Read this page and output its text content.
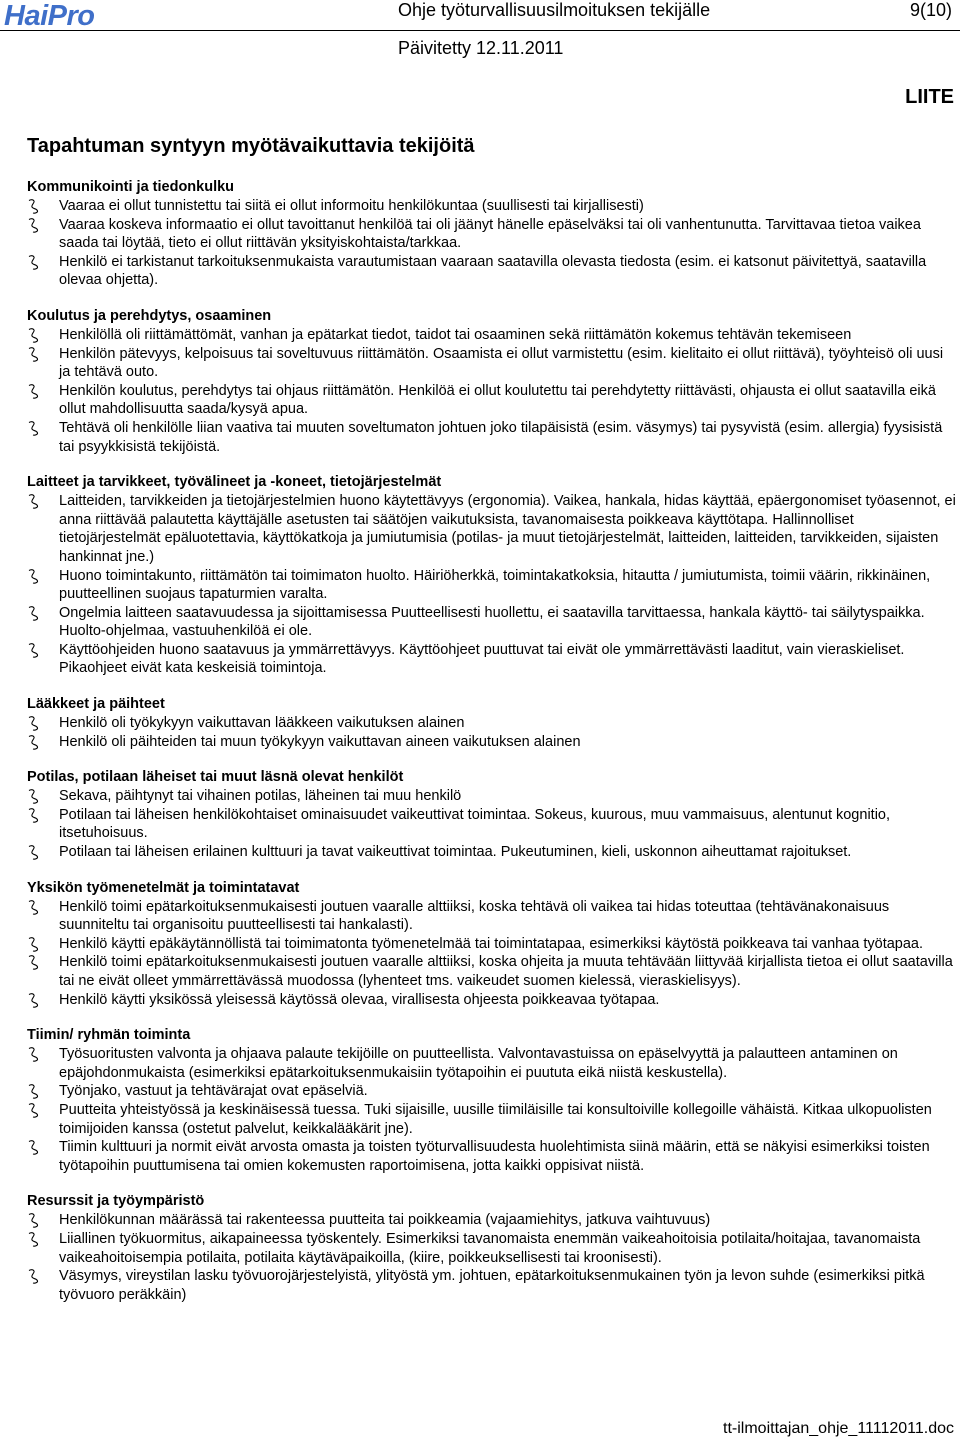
HaiPro	Ohje työturvallisuusilmoituksen tekijälle	9(10)
Päivitetty 12.11.2011
LIITE
Tapahtuman syntyyn myötävaikuttavia tekijöitä
Kommunikointi ja tiedonkulku
Vaaraa ei ollut tunnistettu tai siitä ei ollut informoitu henkilökuntaa (suullisesti tai kirjallisesti)
Vaaraa koskeva informaatio ei ollut tavoittanut henkilöä tai oli jäänyt hänelle epäselväksi tai oli vanhentunutta. Tarvittavaa tietoa vaikea saada tai löytää, tieto ei ollut riittävän yksityiskohtaista/tarkkaa.
Henkilö ei tarkistanut tarkoituksenmukaista varautumistaan vaaraan saatavilla olevasta tiedosta (esim. ei katsonut päivitettyä, saatavilla olevaa ohjetta).
Koulutus ja perehdytys, osaaminen
Henkilöllä oli riittämättömät, vanhan ja epätarkat tiedot, taidot tai osaaminen sekä riittämätön kokemus tehtävän tekemiseen
Henkilön pätevyys, kelpoisuus tai soveltuvuus riittämätön. Osaamista ei ollut varmistettu (esim. kielitaito ei ollut riittävä), työyhteisö oli uusi ja tehtävä outo.
Henkilön koulutus, perehdytys tai ohjaus riittämätön. Henkilöä ei ollut koulutettu tai perehdytetty riittävästi, ohjausta ei ollut saatavilla eikä ollut mahdollisuutta saada/kysyä apua.
Tehtävä oli henkilölle liian vaativa tai muuten soveltumaton johtuen joko tilapäisistä (esim. väsymys) tai pysyvistä (esim. allergia) fyysisistä tai psyykkisistä tekijöistä.
Laitteet ja tarvikkeet, työvälineet ja -koneet, tietojärjestelmät
Laitteiden, tarvikkeiden ja tietojärjestelmien huono käytettävyys (ergonomia). Vaikea, hankala, hidas käyttää, epäergonomiset työasennot, ei anna riittävää palautetta käyttäjälle asetusten tai säätöjen vaikutuksista, tavanomaisesta poikkeava käyttötapa. Hallinnolliset tietojärjestelmät epäluotettavia, käyttökatkoja ja jumiutumisia (potilas- ja muut tietojärjestelmät, laitteiden, laitteiden, tarvikkeiden, sijaisten hankinnat jne.)
Huono toimintakunto, riittämätön tai toimimaton huolto. Häiriöherkkä, toimintakatkoksia, hitautta / jumiutumista, toimii väärin, rikkinäinen, puutteellinen suojaus tapaturmien varalta.
Ongelmia laitteen saatavuudessa ja sijoittamisessa Puutteellisesti huollettu, ei saatavilla tarvittaessa, hankala käyttö- tai säilytyspaikka. Huolto-ohjelmaa, vastuuhenkilöä ei ole.
Käyttöohjeiden huono saatavuus ja ymmärrettävyys. Käyttöohjeet puuttuvat tai eivät ole ymmärrettävästi laaditut, vain vieraskieliset. Pikaohjeet eivät kata keskeisiä toimintoja.
Lääkkeet ja päihteet
Henkilö oli työkykyyn vaikuttavan lääkkeen vaikutuksen alainen
Henkilö oli päihteiden tai muun työkykyyn vaikuttavan aineen vaikutuksen alainen
Potilas, potilaan läheiset tai muut läsnä olevat henkilöt
Sekava, päihtynyt tai vihainen potilas, läheinen tai muu henkilö
Potilaan tai läheisen henkilökohtaiset ominaisuudet vaikeuttivat toimintaa. Sokeus, kuurous, muu vammaisuus, alentunut kognitio, itsetuhoisuus.
Potilaan tai läheisen erilainen kulttuuri ja tavat vaikeuttivat toimintaa. Pukeutuminen, kieli, uskonnon aiheuttamat rajoitukset.
Yksikön työmenetelmät ja toimintatavat
Henkilö toimi epätarkoituksenmukaisesti joutuen vaaralle alttiiksi, koska tehtävä oli vaikea tai hidas toteuttaa (tehtävänakonaisuus suunniteltu tai organisoitu puutteellisesti tai hankalasti).
Henkilö käytti epäkäytännöllistä tai toimimatonta työmenetelmää tai toimintatapaa, esimerkiksi käytöstä poikkeava tai vanhaa työtapaa.
Henkilö toimi epätarkoituksenmukaisesti joutuen vaaralle alttiiksi, koska ohjeita ja muuta tehtävään liittyvää kirjallista tietoa ei ollut saatavilla tai ne eivät olleet ymmärrettävässä muodossa (lyhenteet tms. vaikeudet suomen kielessä, vieraskielisyys).
Henkilö käytti yksikössä yleisessä käytössä olevaa, virallisesta ohjeesta poikkeavaa työtapaa.
Tiimin/ ryhmän toiminta
Työsuoritusten valvonta ja ohjaava palaute tekijöille on puutteellista. Valvontavastuissa on epäselvyyttä ja palautteen antaminen on epäjohdonmukaista (esimerkiksi epätarkoituksenmukaisiin työtapoihin ei puututa eikä niistä keskustella).
Työnjako, vastuut ja tehtävärajat ovat epäselviä.
Puutteita yhteistyössä ja keskinäisessä tuessa. Tuki sijaisille, uusille tiimiläisille tai konsultoiville kollegoille vähäistä. Kitkaa ulkopuolisten toimijoiden kanssa (ostetut palvelut, keikkalääkärit jne).
Tiimin kulttuuri ja normit eivät arvosta omasta ja toisten työturvallisuudesta huolehtimista siinä määrin, että se näkyisi esimerkiksi toisten työtapoihin puuttumisena tai omien kokemusten raportoimisena, jotta kaikki oppisivat niistä.
Resurssit ja työympäristö
Henkilökunnan määrässä tai rakenteessa puutteita tai poikkeamia (vajaamiehitys, jatkuva vaihtuvuus)
Liiallinen työkuormitus, aikapaineessa työskentely. Esimerkiksi tavanomaista enemmän vaikeahoitoisia potilaita/hoitajaa, tavanomaista vaikeahoitoisempia potilaita, potilaita käytäväpaikoilla, (kiire, poikkeuksellisesti tai kroonisesti).
Väsymys, vireystilan lasku työvuorojärjestelyistä, ylityöstä ym. johtuen, epätarkoituksenmukainen työn ja levon suhde (esimerkiksi pitkä työvuoro peräkkäin)
tt-ilmoittajan_ohje_11112011.doc
